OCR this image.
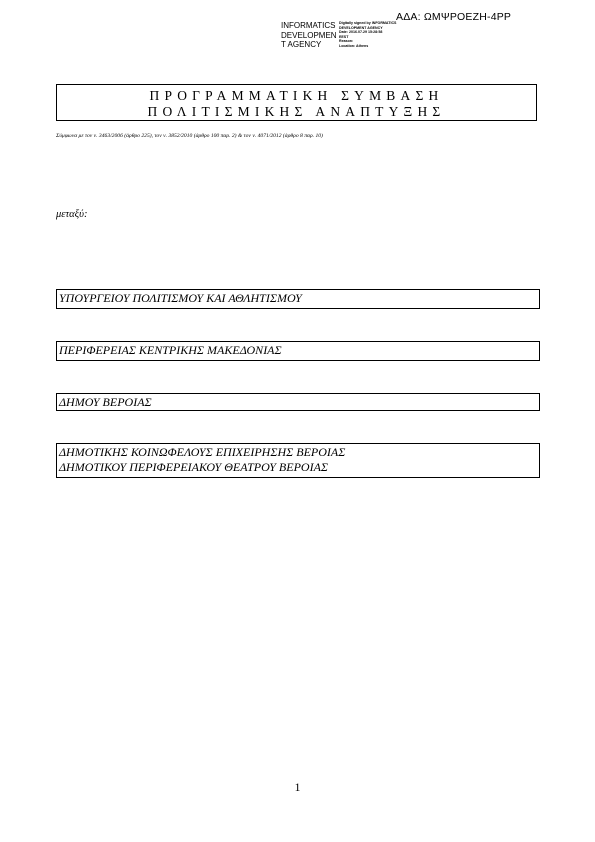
ΑΔΑ: ΩΜΨΡΟΕΖΗ-4ΡΡ
INFORMATICS
DEVELOPMEN
T AGENCY
Digitally signed by INFORMATICS
DEVELOPMENT AGENCY
Date: 2016.07.29 15:28:58
EEST
Reason:
Location: Athens
ΠΡΟΓΡΑΜΜΑΤΙΚΗ ΣΥΜΒΑΣΗ
ΠΟΛΙΤΙΣΜΙΚΗΣ ΑΝΑΠΤΥΞΗΣ
Σύμφωνα με τον ν. 3463/2006 (άρθρο 225), τον ν. 3852/2010 (άρθρο 100 παρ. 2) & τον ν. 4071/2012 (άρθρο 8 παρ. 10)
μεταξύ:
ΥΠΟΥΡΓΕΙΟΥ ΠΟΛΙΤΙΣΜΟΥ ΚΑΙ ΑΘΛΗΤΙΣΜΟΥ
ΠΕΡΙΦΕΡΕΙΑΣ ΚΕΝΤΡΙΚΗΣ ΜΑΚΕΔΟΝΙΑΣ
ΔΗΜΟΥ ΒΕΡΟΙΑΣ
ΔΗΜΟΤΙΚΗΣ ΚΟΙΝΩΦΕΛΟΥΣ ΕΠΙΧΕΙΡΗΣΗΣ ΒΕΡΟΙΑΣ
ΔΗΜΟΤΙΚΟΥ ΠΕΡΙΦΕΡΕΙΑΚΟΥ ΘΕΑΤΡΟΥ ΒΕΡΟΙΑΣ
1
